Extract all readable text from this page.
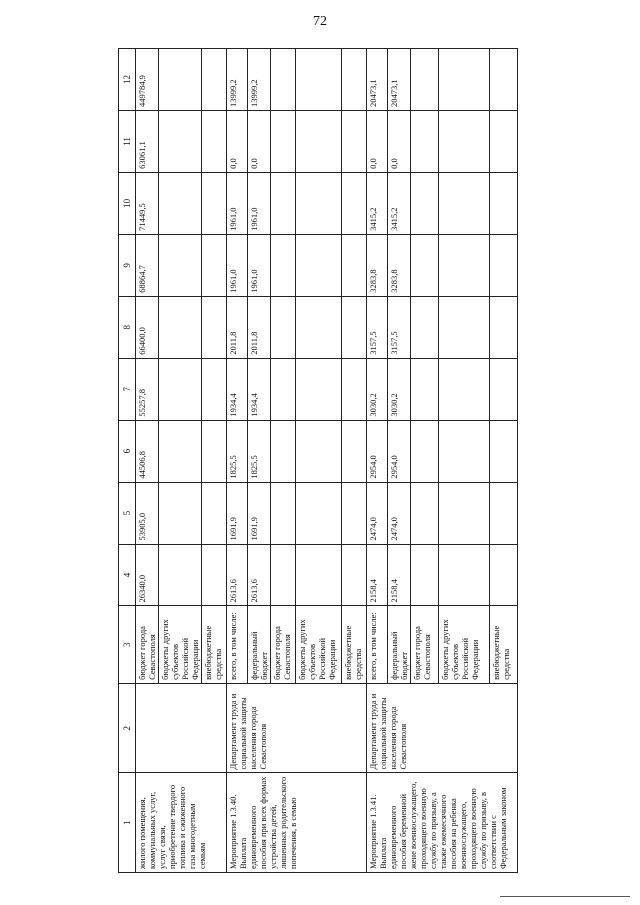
72
1	2	3	4	5	6	7	8	9	10	11	12
жилого помещения, коммунальных услуг, услуг связи, приобретение твердого топлива и сжиженного газа многодетным семьям		бюджет города Севастополя	26340,0	53905,0	44506,8	55257,8	66400,0	68864,7	71449,5	63061,1	449784,9
		бюджеты других субъектов Российской Федерации									
		внебюджетные средства									
Мероприятие 1.3.40. Выплата единовременного пособия при всех формах устройства детей, лишенных родительского попечения, в семью	Департамент труда и социальной защиты населения города Севастополя	всего, в том числе:	2613,6	1691,9	1825,5	1934,4	2011,8	1961,0	1961,0	0,0	13999,2
		федеральный бюджет	2613,6	1691,9	1825,5	1934,4	2011,8	1961,0	1961,0	0,0	13999,2
		бюджет города Севастополя									
		бюджеты других субъектов Российской Федерации									
		внебюджетные средства									
Мероприятие 1.3.41. Выплата единовременного пособия беременной жене военнослужащего, проходящего военную службу по призыву, а также ежемесячного пособия на ребенка военнослужащего, проходящего военную службу по призыву, в соответствии с Федеральным законом	Департамент труда и социальной защиты населения города Севастополя	всего, в том числе:	2158,4	2474,0	2954,0	3030,2	3157,5	3283,8	3415,2	0,0	20473,1
		федеральный бюджет	2158,4	2474,0	2954,0	3030,2	3157,5	3283,8	3415,2	0,0	20473,1
		бюджет города Севастополя									
		бюджеты других субъектов Российской Федерации									
		внебюджетные средства									
